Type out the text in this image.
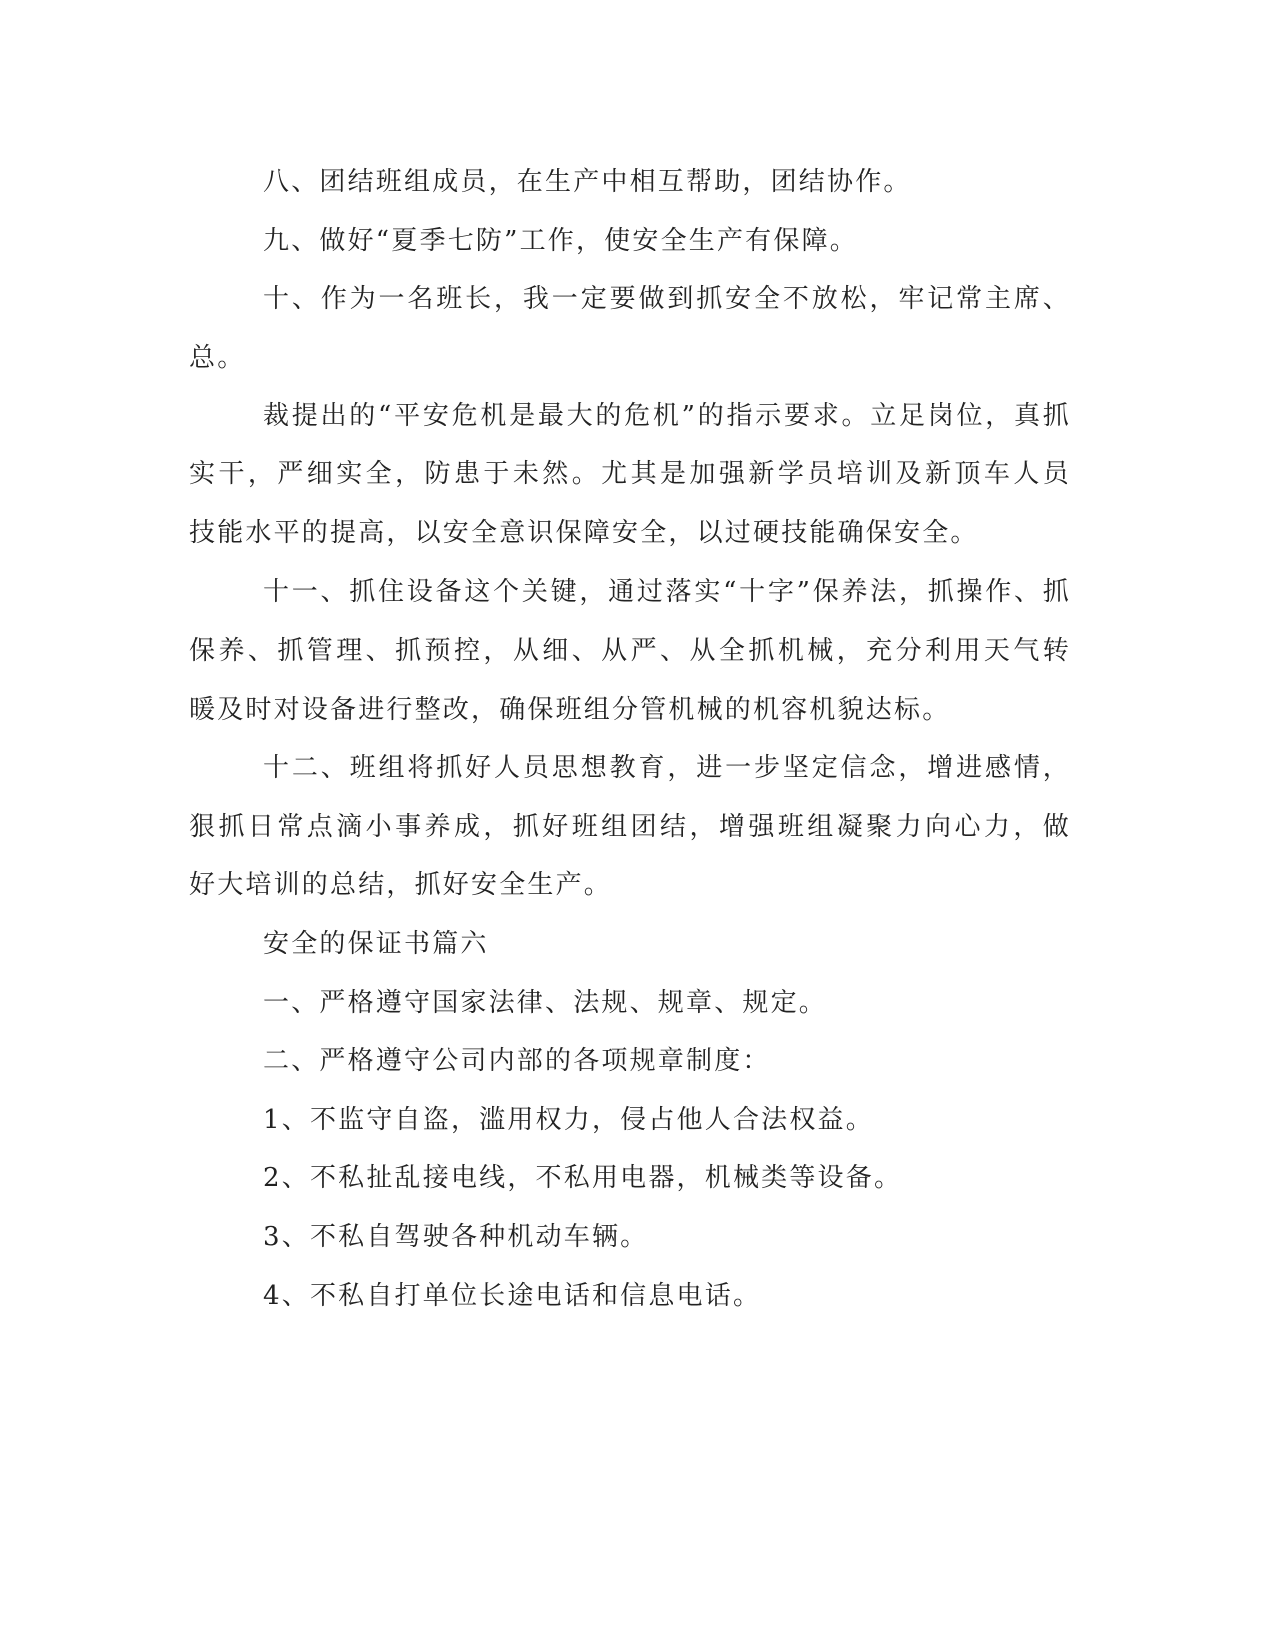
八、团结班组成员，在生产中相互帮助，团结协作。
九、做好“夏季七防”工作，使安全生产有保障。
十、作为一名班长，我一定要做到抓安全不放松，牢记常主席、
总。
裁提出的“平安危机是最大的危机”的指示要求。立足岗位，真抓
实干，严细实全，防患于未然。尤其是加强新学员培训及新顶车人员
技能水平的提高，以安全意识保障安全，以过硬技能确保安全。
十一、抓住设备这个关键，通过落实“十字”保养法，抓操作、抓
保养、抓管理、抓预控，从细、从严、从全抓机械，充分利用天气转
暖及时对设备进行整改，确保班组分管机械的机容机貌达标。
十二、班组将抓好人员思想教育，进一步坚定信念，增进感情，
狠抓日常点滴小事养成，抓好班组团结，增强班组凝聚力向心力，做
好大培训的总结，抓好安全生产。
安全的保证书篇六
一、严格遵守国家法律、法规、规章、规定。
二、严格遵守公司内部的各项规章制度：
1、不监守自盗，滥用权力，侵占他人合法权益。
2、不私扯乱接电线，不私用电器，机械类等设备。
3、不私自驾驶各种机动车辆。
4、不私自打单位长途电话和信息电话。
